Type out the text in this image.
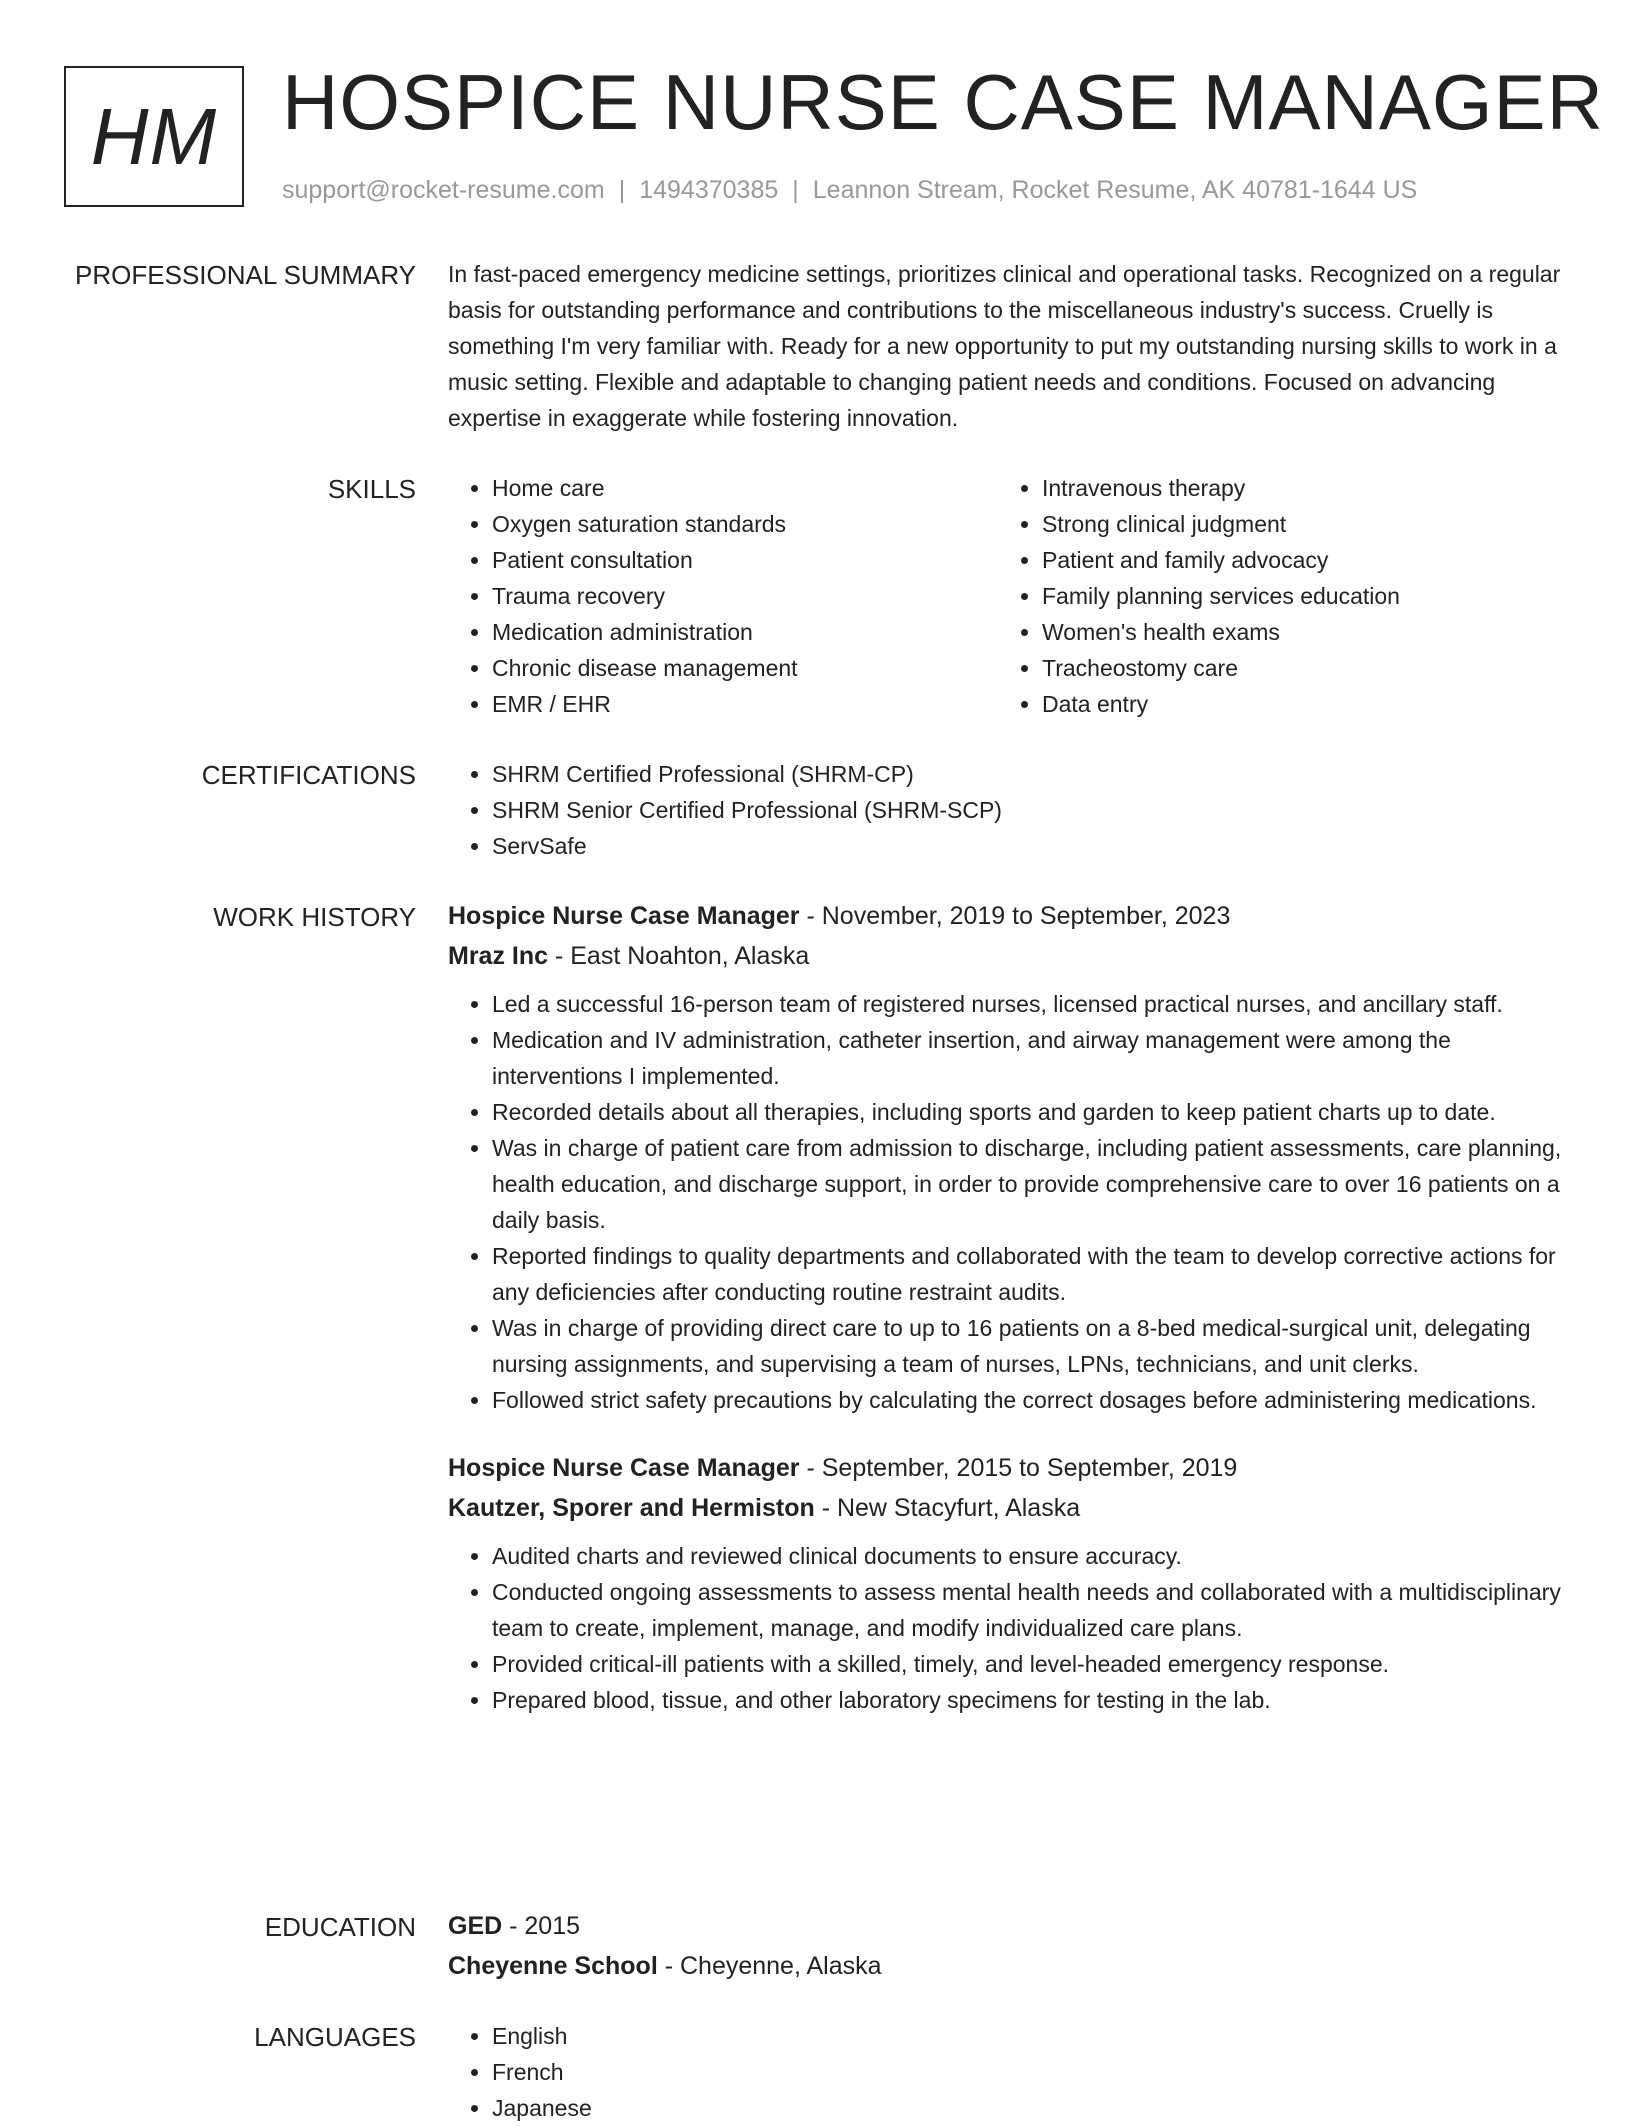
HM HOSPICE NURSE CASE MANAGER
support@rocket-resume.com | 1494370385 | Leannon Stream, Rocket Resume, AK 40781-1644 US
PROFESSIONAL SUMMARY In fast-paced emergency medicine settings, prioritizes clinical and operational tasks. Recognized on a regular basis for outstanding performance and contributions to the miscellaneous industry's success. Cruelly is something I'm very familiar with. Ready for a new opportunity to put my outstanding nursing skills to work in a music setting. Flexible and adaptable to changing patient needs and conditions. Focused on advancing expertise in exaggerate while fostering innovation.

SKILLS	• Home care
• Oxygen saturation standards
• Patient consultation
• Trauma recovery
• Medication administration
• Chronic disease management
• EMR / EHR
• Intravenous therapy
• Strong clinical judgment
• Patient and family advocacy
• Family planning services education
• Women's health exams
• Tracheostomy care
• Data entry
CERTIFICATIONS	• SHRM Certified Professional (SHRM-CP)
• SHRM Senior Certified Professional (SHRM-SCP)
• ServSafe
WORK HISTORY Hospice Nurse Case Manager - November, 2019 to September, 2023
Mraz Inc - East Noahton, Alaska
• Led a successful 16-person team of registered nurses, licensed practical nurses, and ancillary staff.
• Medication and IV administration, catheter insertion, and airway management were among the interventions I implemented.
• Recorded details about all therapies, including sports and garden to keep patient charts up to date.
• Was in charge of patient care from admission to discharge, including patient assessments, care planning, health education, and discharge support, in order to provide comprehensive care to over 16 patients on a daily basis.
• Reported findings to quality departments and collaborated with the team to develop corrective actions for any deficiencies after conducting routine restraint audits.
• Was in charge of providing direct care to up to 16 patients on a 8-bed medical-surgical unit, delegating nursing assignments, and supervising a team of nurses, LPNs, technicians, and unit clerks.
• Followed strict safety precautions by calculating the correct dosages before administering medications.
Hospice Nurse Case Manager - September, 2015 to September, 2019
Kautzer, Sporer and Hermiston - New Stacyfurt, Alaska
• Audited charts and reviewed clinical documents to ensure accuracy.
• Conducted ongoing assessments to assess mental health needs and collaborated with a multidisciplinary team to create, implement, manage, and modify individualized care plans.
• Provided critical-ill patients with a skilled, timely, and level-headed emergency response.
• Prepared blood, tissue, and other laboratory specimens for testing in the lab.
EDUCATION GED - 2015
Cheyenne School - Cheyenne, Alaska
LANGUAGES	• English
• French
• Japanese
